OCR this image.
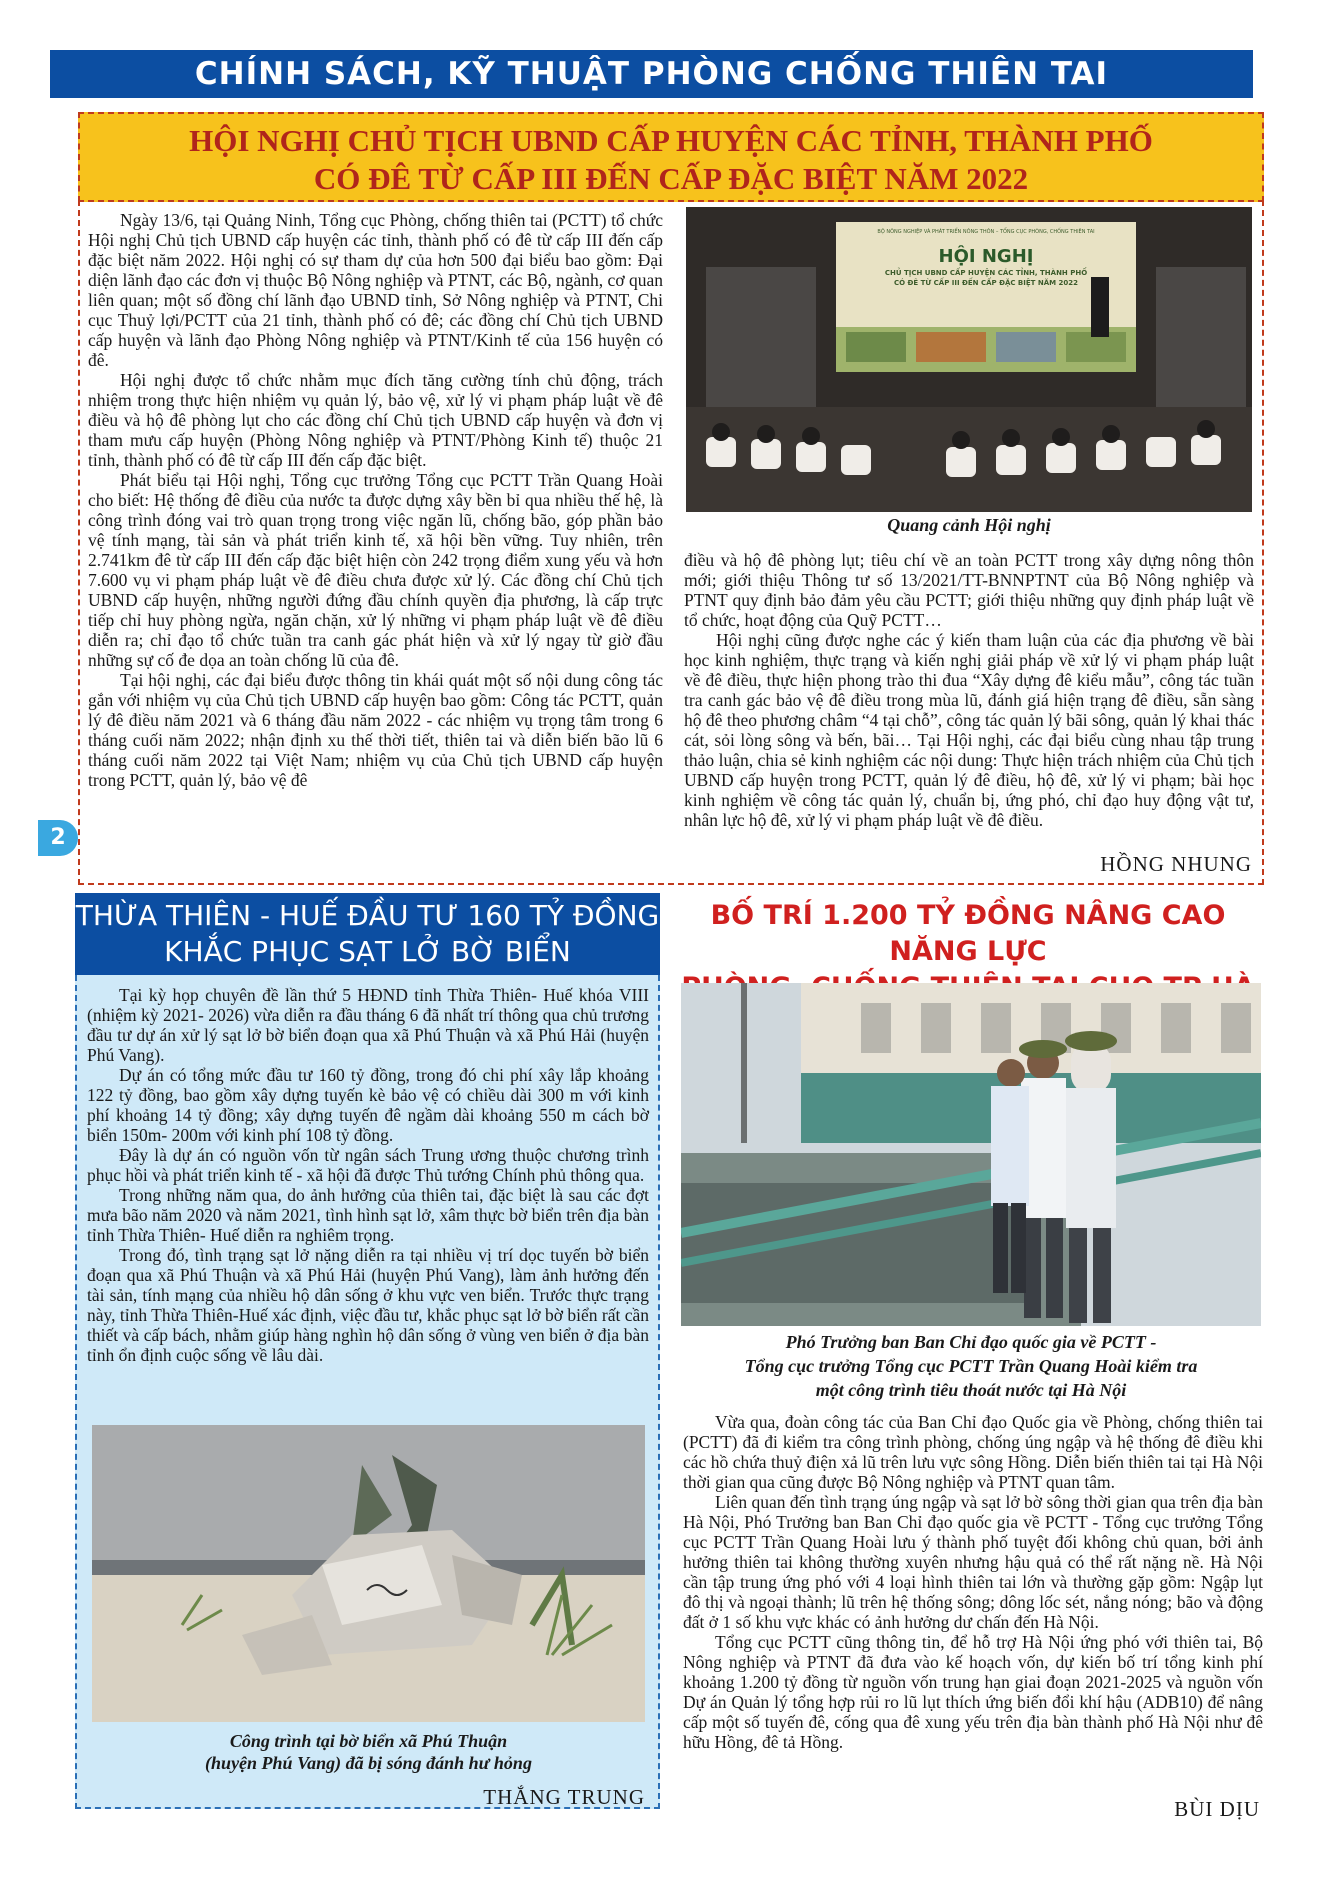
CHÍNH SÁCH, KỸ THUẬT PHÒNG CHỐNG THIÊN TAI
2
HỘI NGHỊ CHỦ TỊCH UBND CẤP HUYỆN CÁC TỈNH, THÀNH PHỐ
CÓ ĐÊ TỪ CẤP III ĐẾN CẤP ĐẶC BIỆT NĂM 2022

Ngày 13/6, tại Quảng Ninh, Tổng cục Phòng, chống thiên tai (PCTT) tổ chức Hội nghị Chủ tịch UBND cấp huyện các tỉnh, thành phố có đê từ cấp III đến cấp đặc biệt năm 2022. Hội nghị có sự tham dự của hơn 500 đại biểu bao gồm: Đại diện lãnh đạo các đơn vị thuộc Bộ Nông nghiệp và PTNT, các Bộ, ngành, cơ quan liên quan; một số đồng chí lãnh đạo UBND tỉnh, Sở Nông nghiệp và PTNT, Chi cục Thuỷ lợi/PCTT của 21 tỉnh, thành phố có đê; các đồng chí Chủ tịch UBND cấp huyện và lãnh đạo Phòng Nông nghiệp và PTNT/Kinh tế của 156 huyện có đê.

Hội nghị được tổ chức nhằm mục đích tăng cường tính chủ động, trách nhiệm trong thực hiện nhiệm vụ quản lý, bảo vệ, xử lý vi phạm pháp luật về đê điều và hộ đê phòng lụt cho các đồng chí Chủ tịch UBND cấp huyện và đơn vị tham mưu cấp huyện (Phòng Nông nghiệp và PTNT/Phòng Kinh tế) thuộc 21 tỉnh, thành phố có đê từ cấp III đến cấp đặc biệt.

Phát biểu tại Hội nghị, Tổng cục trưởng Tổng cục PCTT Trần Quang Hoài cho biết: Hệ thống đê điều của nước ta được dựng xây bền bỉ qua nhiều thế hệ, là công trình đóng vai trò quan trọng trong việc ngăn lũ, chống bão, góp phần bảo vệ tính mạng, tài sản và phát triển kinh tế, xã hội bền vững. Tuy nhiên, trên 2.741km đê từ cấp III đến cấp đặc biệt hiện còn 242 trọng điểm xung yếu và hơn 7.600 vụ vi phạm pháp luật về đê điều chưa được xử lý. Các đồng chí Chủ tịch UBND cấp huyện, những người đứng đầu chính quyền địa phương, là cấp trực tiếp chỉ huy phòng ngừa, ngăn chặn, xử lý những vi phạm pháp luật về đê điều diễn ra; chỉ đạo tổ chức tuần tra canh gác phát hiện và xử lý ngay từ giờ đầu những sự cố đe dọa an toàn chống lũ của đê.

Tại hội nghị, các đại biểu được thông tin khái quát một số nội dung công tác gắn với nhiệm vụ của Chủ tịch UBND cấp huyện bao gồm: Công tác PCTT, quản lý đê điều năm 2021 và 6 tháng đầu năm 2022 - các nhiệm vụ trọng tâm trong 6 tháng cuối năm 2022; nhận định xu thế thời tiết, thiên tai và diễn biến bão lũ 6 tháng cuối năm 2022 tại Việt Nam; nhiệm vụ của Chủ tịch UBND cấp huyện trong PCTT, quản lý, bảo vệ đê

BỘ NÔNG NGHIỆP VÀ PHÁT TRIỂN NÔNG THÔN – TỔNG CỤC PHÒNG, CHỐNG THIÊN TAI
HỘI NGHỊ
CHỦ TỊCH UBND CẤP HUYỆN CÁC TỈNH, THÀNH PHỐ
CÓ ĐÊ TỪ CẤP III ĐẾN CẤP ĐẶC BIỆT NĂM 2022
Quang cảnh Hội nghị

điều và hộ đê phòng lụt; tiêu chí về an toàn PCTT trong xây dựng nông thôn mới; giới thiệu Thông tư số 13/2021/TT-BNNPTNT của Bộ Nông nghiệp và PTNT quy định bảo đảm yêu cầu PCTT; giới thiệu những quy định pháp luật về tổ chức, hoạt động của Quỹ PCTT…

Hội nghị cũng được nghe các ý kiến tham luận của các địa phương về bài học kinh nghiệm, thực trạng và kiến nghị giải pháp về xử lý vi phạm pháp luật về đê điều, thực hiện phong trào thi đua “Xây dựng đê kiểu mẫu”, công tác tuần tra canh gác bảo vệ đê điều trong mùa lũ, đánh giá hiện trạng đê điều, sẵn sàng hộ đê theo phương châm “4 tại chỗ”, công tác quản lý bãi sông, quản lý khai thác cát, sỏi lòng sông và bến, bãi… Tại Hội nghị, các đại biểu cùng nhau tập trung thảo luận, chia sẻ kinh nghiệm các nội dung: Thực hiện trách nhiệm của Chủ tịch UBND cấp huyện trong PCTT, quản lý đê điều, hộ đê, xử lý vi phạm; bài học kinh nghiệm về công tác quản lý, chuẩn bị, ứng phó, chỉ đạo huy động vật tư, nhân lực hộ đê, xử lý vi phạm pháp luật về đê điều.

HỒNG NHUNG
THỪA THIÊN - HUẾ ĐẦU TƯ 160 TỶ ĐỒNG
KHẮC PHỤC SẠT LỞ BỜ BIỂN

Tại kỳ họp chuyên đề lần thứ 5 HĐND tỉnh Thừa Thiên- Huế khóa VIII (nhiệm kỳ 2021- 2026) vừa diễn ra đầu tháng 6 đã nhất trí thông qua chủ trương đầu tư dự án xử lý sạt lở bờ biển đoạn qua xã Phú Thuận và xã Phú Hải (huyện Phú Vang).

Dự án có tổng mức đầu tư 160 tỷ đồng, trong đó chi phí xây lắp khoảng 122 tỷ đồng, bao gồm xây dựng tuyến kè bảo vệ có chiều dài 300 m với kinh phí khoảng 14 tỷ đồng; xây dựng tuyến đê ngầm dài khoảng 550 m cách bờ biển 150m- 200m với kinh phí 108 tỷ đồng.

Đây là dự án có nguồn vốn từ ngân sách Trung ương thuộc chương trình phục hồi và phát triển kinh tế - xã hội đã được Thủ tướng Chính phủ thông qua.

Trong những năm qua, do ảnh hưởng của thiên tai, đặc biệt là sau các đợt mưa bão năm 2020 và năm 2021, tình hình sạt lở, xâm thực bờ biển trên địa bàn tỉnh Thừa Thiên- Huế diễn ra nghiêm trọng.

Trong đó, tình trạng sạt lở nặng diễn ra tại nhiều vị trí dọc tuyến bờ biển đoạn qua xã Phú Thuận và xã Phú Hải (huyện Phú Vang), làm ảnh hưởng đến tài sản, tính mạng của nhiều hộ dân sống ở khu vực ven biển. Trước thực trạng này, tỉnh Thừa Thiên-Huế xác định, việc đầu tư, khắc phục sạt lở bờ biển rất cần thiết và cấp bách, nhằm giúp hàng nghìn hộ dân sống ở vùng ven biển ở địa bàn tỉnh ổn định cuộc sống về lâu dài.

Công trình tại bờ biển xã Phú Thuận
(huyện Phú Vang) đã bị sóng đánh hư hỏng
THẮNG TRUNG
BỐ TRÍ 1.200 TỶ ĐỒNG NÂNG CAO NĂNG LỰC
Phó Trưởng ban Ban Chỉ đạo quốc gia về PCTT -
Tổng cục trưởng Tổng cục PCTT Trần Quang Hoài kiểm tra
một công trình tiêu thoát nước tại Hà Nội

Vừa qua, đoàn công tác của Ban Chỉ đạo Quốc gia về Phòng, chống thiên tai (PCTT) đã đi kiểm tra công trình phòng, chống úng ngập và hệ thống đê điều khi các hồ chứa thuỷ điện xả lũ trên lưu vực sông Hồng. Diễn biến thiên tai tại Hà Nội thời gian qua cũng được Bộ Nông nghiệp và PTNT quan tâm.

Liên quan đến tình trạng úng ngập và sạt lở bờ sông thời gian qua trên địa bàn Hà Nội, Phó Trưởng ban Ban Chỉ đạo quốc gia về PCTT - Tổng cục trưởng Tổng cục PCTT Trần Quang Hoài lưu ý thành phố tuyệt đối không chủ quan, bởi ảnh hưởng thiên tai không thường xuyên nhưng hậu quả có thể rất nặng nề. Hà Nội cần tập trung ứng phó với 4 loại hình thiên tai lớn và thường gặp gồm: Ngập lụt đô thị và ngoại thành; lũ trên hệ thống sông; dông lốc sét, nắng nóng; bão và động đất ở 1 số khu vực khác có ảnh hưởng dư chấn đến Hà Nội.

Tổng cục PCTT cũng thông tin, để hỗ trợ Hà Nội ứng phó với thiên tai, Bộ Nông nghiệp và PTNT đã đưa vào kế hoạch vốn, dự kiến bố trí tổng kinh phí khoảng 1.200 tỷ đồng từ nguồn vốn trung hạn giai đoạn 2021-2025 và nguồn vốn Dự án Quản lý tổng hợp rủi ro lũ lụt thích ứng biến đổi khí hậu (ADB10) để nâng cấp một số tuyến đê, cống qua đê xung yếu trên địa bàn thành phố Hà Nội như đê hữu Hồng, đê tả Hồng.

BÙI DỊU
